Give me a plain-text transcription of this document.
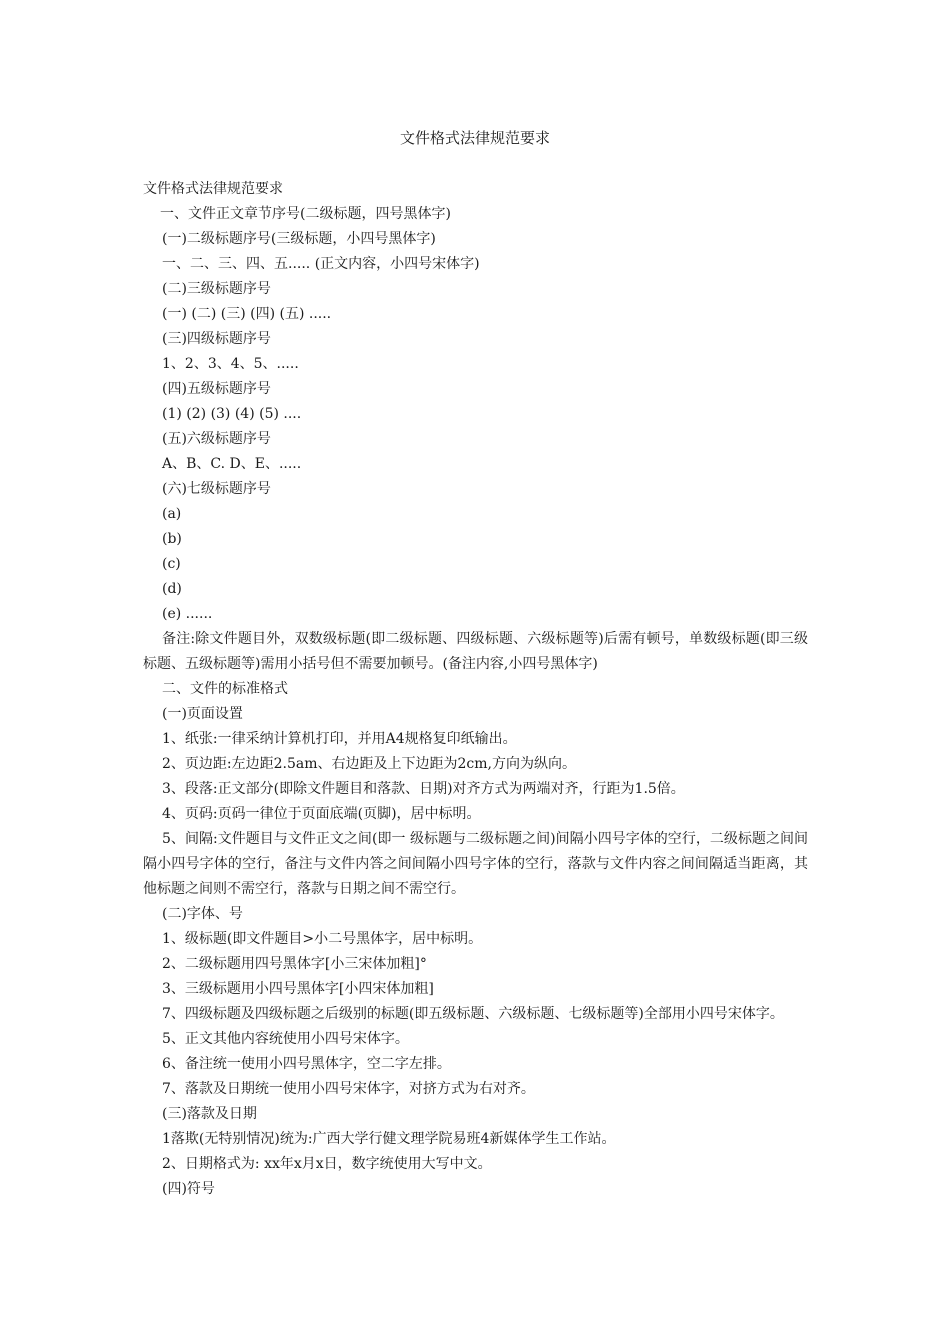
文件格式法律规范要求

文件格式法律规范要求

一、文件正文章节序号(二级标题，四号黑体字)

(一)二级标题序号(三级标题，小四号黑体字)

一、二、三、四、五..... (正文内容，小四号宋体字)

(二)三级标题序号

(一) (二) (三) (四) (五) .....

(三)四级标题序号

1、2、3、4、5、.....

(四)五级标题序号

(1) (2) (3) (4) (5) ....

(五)六级标题序号

A、B、C. D、E、.....

(六)七级标题序号

(a)

(b)

(c)

(d)

(e) ......

备注:除文件题目外，双数级标题(即二级标题、四级标题、六级标题等)后需有顿号，单数级标题(即三级标题、五级标题等)需用小括号但不需要加顿号。(备注内容,小四号黑体字)

二、文件的标准格式

(一)页面设置

1、纸张:一律采纳计算机打印，并用A4规格复印纸输出。

2、页边距:左边距2.5am、右边距及上下边距为2cm,方向为纵向。

3、段落:正文部分(即除文件题目和落款、日期)对齐方式为两端对齐，行距为1.5倍。

4、页码:页码一律位于页面底端(页脚)，居中标明。

5、间隔:文件题目与文件正文之间(即一 级标题与二级标题之间)间隔小四号字体的空行，二级标题之间间隔小四号字体的空行，备注与文件内答之间间隔小四号字体的空行，落款与文件内容之间间隔适当距离，其他标题之间则不需空行，落款与日期之间不需空行。

(二)字体、号

1、级标题(即文件题目>小二号黑体字，居中标明。

2、二级标题用四号黑体字[小三宋体加粗]°

3、三级标题用小四号黑体字[小四宋体加粗]

7、四级标题及四级标题之后级别的标题(即五级标题、六级标题、七级标题等)全部用小四号宋体字。

5、正文其他内容统使用小四号宋体字。

6、备注统一使用小四号黑体字，空二字左排。

7、落款及日期统一使用小四号宋体字，对挤方式为右对齐。

(三)落款及日期

1落欺(无特别情况)统为:广西大学行健文理学院易班4新媒体学生工作站。

2、日期格式为: xx年x月x日，数字统使用大写中文。

(四)符号
